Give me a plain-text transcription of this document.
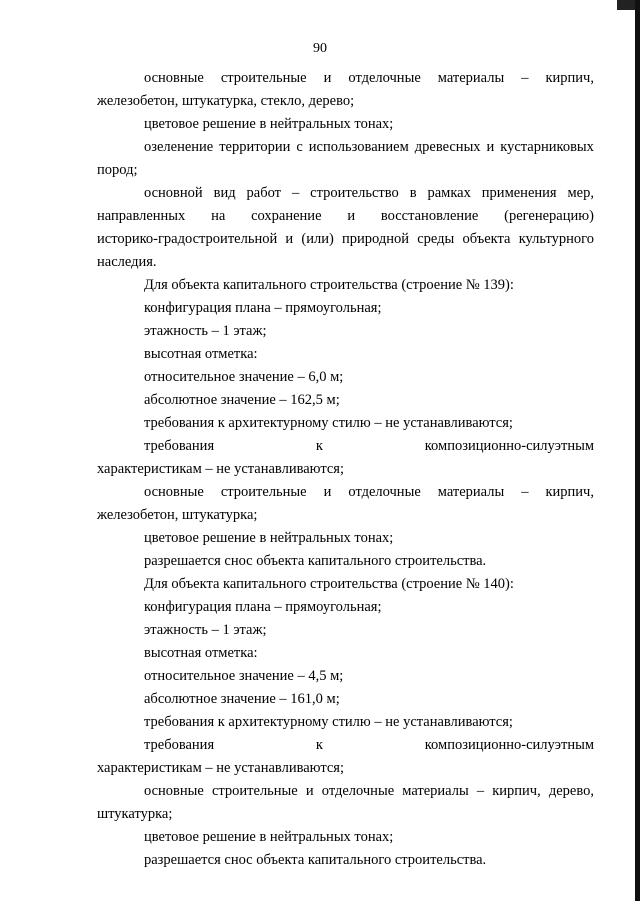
90
основные строительные и отделочные материалы – кирпич,
железобетон, штукатурка, стекло, дерево;
цветовое решение в нейтральных тонах;
озеленение территории с использованием древесных и кустарниковых
пород;
основной вид работ – строительство в рамках применения мер,
направленных на сохранение и восстановление (регенерацию)
историко-градостроительной и (или) природной среды объекта культурного
наследия.
Для объекта капитального строительства (строение № 139):
конфигурация плана – прямоугольная;
этажность – 1 этаж;
высотная отметка:
относительное значение – 6,0 м;
абсолютное значение – 162,5 м;
требования к архитектурному стилю – не устанавливаются;
требования	к	композиционно-силуэтным
характеристикам – не устанавливаются;
основные строительные и отделочные материалы – кирпич,
железобетон, штукатурка;
цветовое решение в нейтральных тонах;
разрешается снос объекта капитального строительства.
Для объекта капитального строительства (строение № 140):
конфигурация плана – прямоугольная;
этажность – 1 этаж;
высотная отметка:
относительное значение – 4,5 м;
абсолютное значение – 161,0 м;
требования к архитектурному стилю – не устанавливаются;
требования	к	композиционно-силуэтным
характеристикам – не устанавливаются;
основные строительные и отделочные материалы – кирпич, дерево,
штукатурка;
цветовое решение в нейтральных тонах;
разрешается снос объекта капитального строительства.
